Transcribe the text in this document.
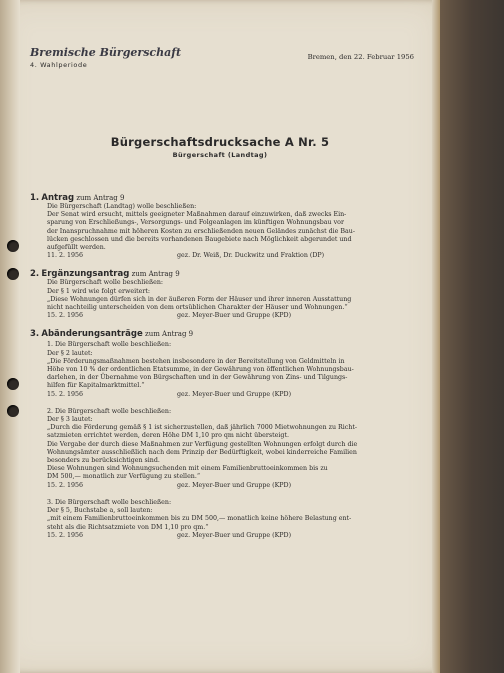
Bremische Bürgerschaft
4. Wahlperiode
Bremen, den 22. Februar 1956
Bürgerschaftsdrucksache A Nr. 5
Bürgerschaft (Landtag)
1. Antrag zum Antrag 9
Die Bürgerschaft (Landtag) wolle beschließen:
Der Senat wird ersucht, mittels geeigneter Maßnahmen darauf einzuwirken, daß zwecks Ein-
sparung von Erschließungs-, Versorgungs- und Folgeanlagen im künftigen Wohnungsbau vor
der Inanspruchnahme mit höheren Kosten zu erschließenden neuen Geländes zunächst die Bau-
lücken geschlossen und die bereits vorhandenen Baugebiete nach Möglichkeit abgerundet und
aufgefüllt werden.
11. 2. 1956	gez. Dr. Weiß, Dr. Duckwitz und Fraktion (DP)
2. Ergänzungsantrag zum Antrag 9
Die Bürgerschaft wolle beschließen:
Der § 1 wird wie folgt erweitert:
„Diese Wohnungen dürfen sich in der äußeren Form der Häuser und ihrer inneren Ausstattung
nicht nachteilig unterscheiden von dem ortsüblichen Charakter der Häuser und Wohnungen.“
15. 2. 1956	gez. Meyer-Buer und Gruppe (KPD)
3. Abänderungsanträge zum Antrag 9
1. Die Bürgerschaft wolle beschließen:
Der § 2 lautet:
„Die Förderungsmaßnahmen bestehen insbesondere in der Bereitstellung von Geldmitteln in
Höhe von 10 % der ordentlichen Etatsumme, in der Gewährung von öffentlichen Wohnungsbau-
darlehen, in der Übernahme von Bürgschaften und in der Gewährung von Zins- und Tilgungs-
hilfen für Kapitalmarktmittel.“
15. 2. 1956	gez. Meyer-Buer und Gruppe (KPD)
2. Die Bürgerschaft wolle beschließen:
Der § 3 lautet:
„Durch die Förderung gemäß § 1 ist sicherzustellen, daß jährlich 7000 Mietwohnungen zu Richt-
satzmieten errichtet werden, deren Höhe DM 1,10 pro qm nicht übersteigt.
Die Vergabe der durch diese Maßnahmen zur Verfügung gestellten Wohnungen erfolgt durch die
Wohnungsämter ausschließlich nach dem Prinzip der Bedürftigkeit, wobei kinderreiche Familien
besonders zu berücksichtigen sind.
Diese Wohnungen sind Wohnungsuchenden mit einem Familienbruttoeinkommen bis zu
DM 500,— monatlich zur Verfügung zu stellen.“
15. 2. 1956	gez. Meyer-Buer und Gruppe (KPD)
3. Die Bürgerschaft wolle beschließen:
Der § 5, Buchstabe a, soll lauten:
„mit einem Familienbruttoeinkommen bis zu DM 500,— monatlich keine höhere Belastung ent-
steht als die Richtsatzmiete von DM 1,10 pro qm.“
15. 2. 1956	gez. Meyer-Buer und Gruppe (KPD)
